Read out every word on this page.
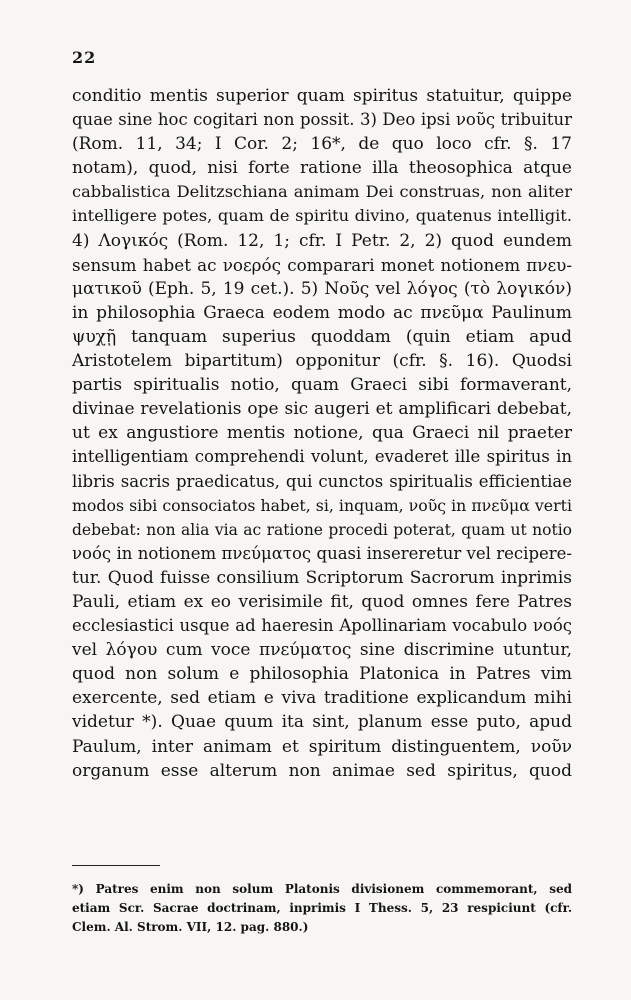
22
conditio mentis superior quam spiritus statuitur, quippe
quae sine hoc cogitari non possit. 3) Deo ipsi νοῦς tribuitur
(Rom. 11, 34; I Cor. 2; 16*, de quo loco cfr. §. 17
notam), quod, nisi forte ratione illa theosophica atque
cabbalistica Delitzschiana animam Dei construas, non aliter
intelligere potes, quam de spiritu divino, quatenus intelligit.
4) Λογικός (Rom. 12, 1; cfr. I Petr. 2, 2) quod eundem
sensum habet ac νοερός comparari monet notionem πνευ-
ματικοῦ (Eph. 5, 19 cet.). 5) Νοῦς vel λόγος (τὸ λογικόν)
in philosophia Graeca eodem modo ac πνεῦμα Paulinum
ψυχῇ tanquam superius quoddam (quin etiam apud
Aristotelem bipartitum) opponitur (cfr. §. 16). Quodsi
partis spiritualis notio, quam Graeci sibi formaverant,
divinae revelationis ope sic augeri et amplificari debebat,
ut ex angustiore mentis notione, qua Graeci nil praeter
intelligentiam comprehendi volunt, evaderet ille spiritus in
libris sacris praedicatus, qui cunctos spiritualis efficientiae
modos sibi consociatos habet, si, inquam, νοῦς in πνεῦμα verti
debebat: non alia via ac ratione procedi poterat, quam ut notio
νοός in notionem πνεύματος quasi insereretur vel recipere-
tur. Quod fuisse consilium Scriptorum Sacrorum inprimis
Pauli, etiam ex eo verisimile fit, quod omnes fere Patres
ecclesiastici usque ad haeresin Apollinariam vocabulo νοός
vel λόγου cum voce πνεύματος sine discrimine utuntur,
quod non solum e philosophia Platonica in Patres vim
exercente, sed etiam e viva traditione explicandum mihi
videtur *). Quae quum ita sint, planum esse puto, apud
Paulum, inter animam et spiritum distinguentem, νοῦν
organum esse alterum non animae sed spiritus, quod
*) Patres enim non solum Platonis divisionem commemorant, sed
etiam Scr. Sacrae doctrinam, inprimis I Thess. 5, 23 respiciunt (cfr.
Clem. Al. Strom. VII, 12. pag. 880.)
